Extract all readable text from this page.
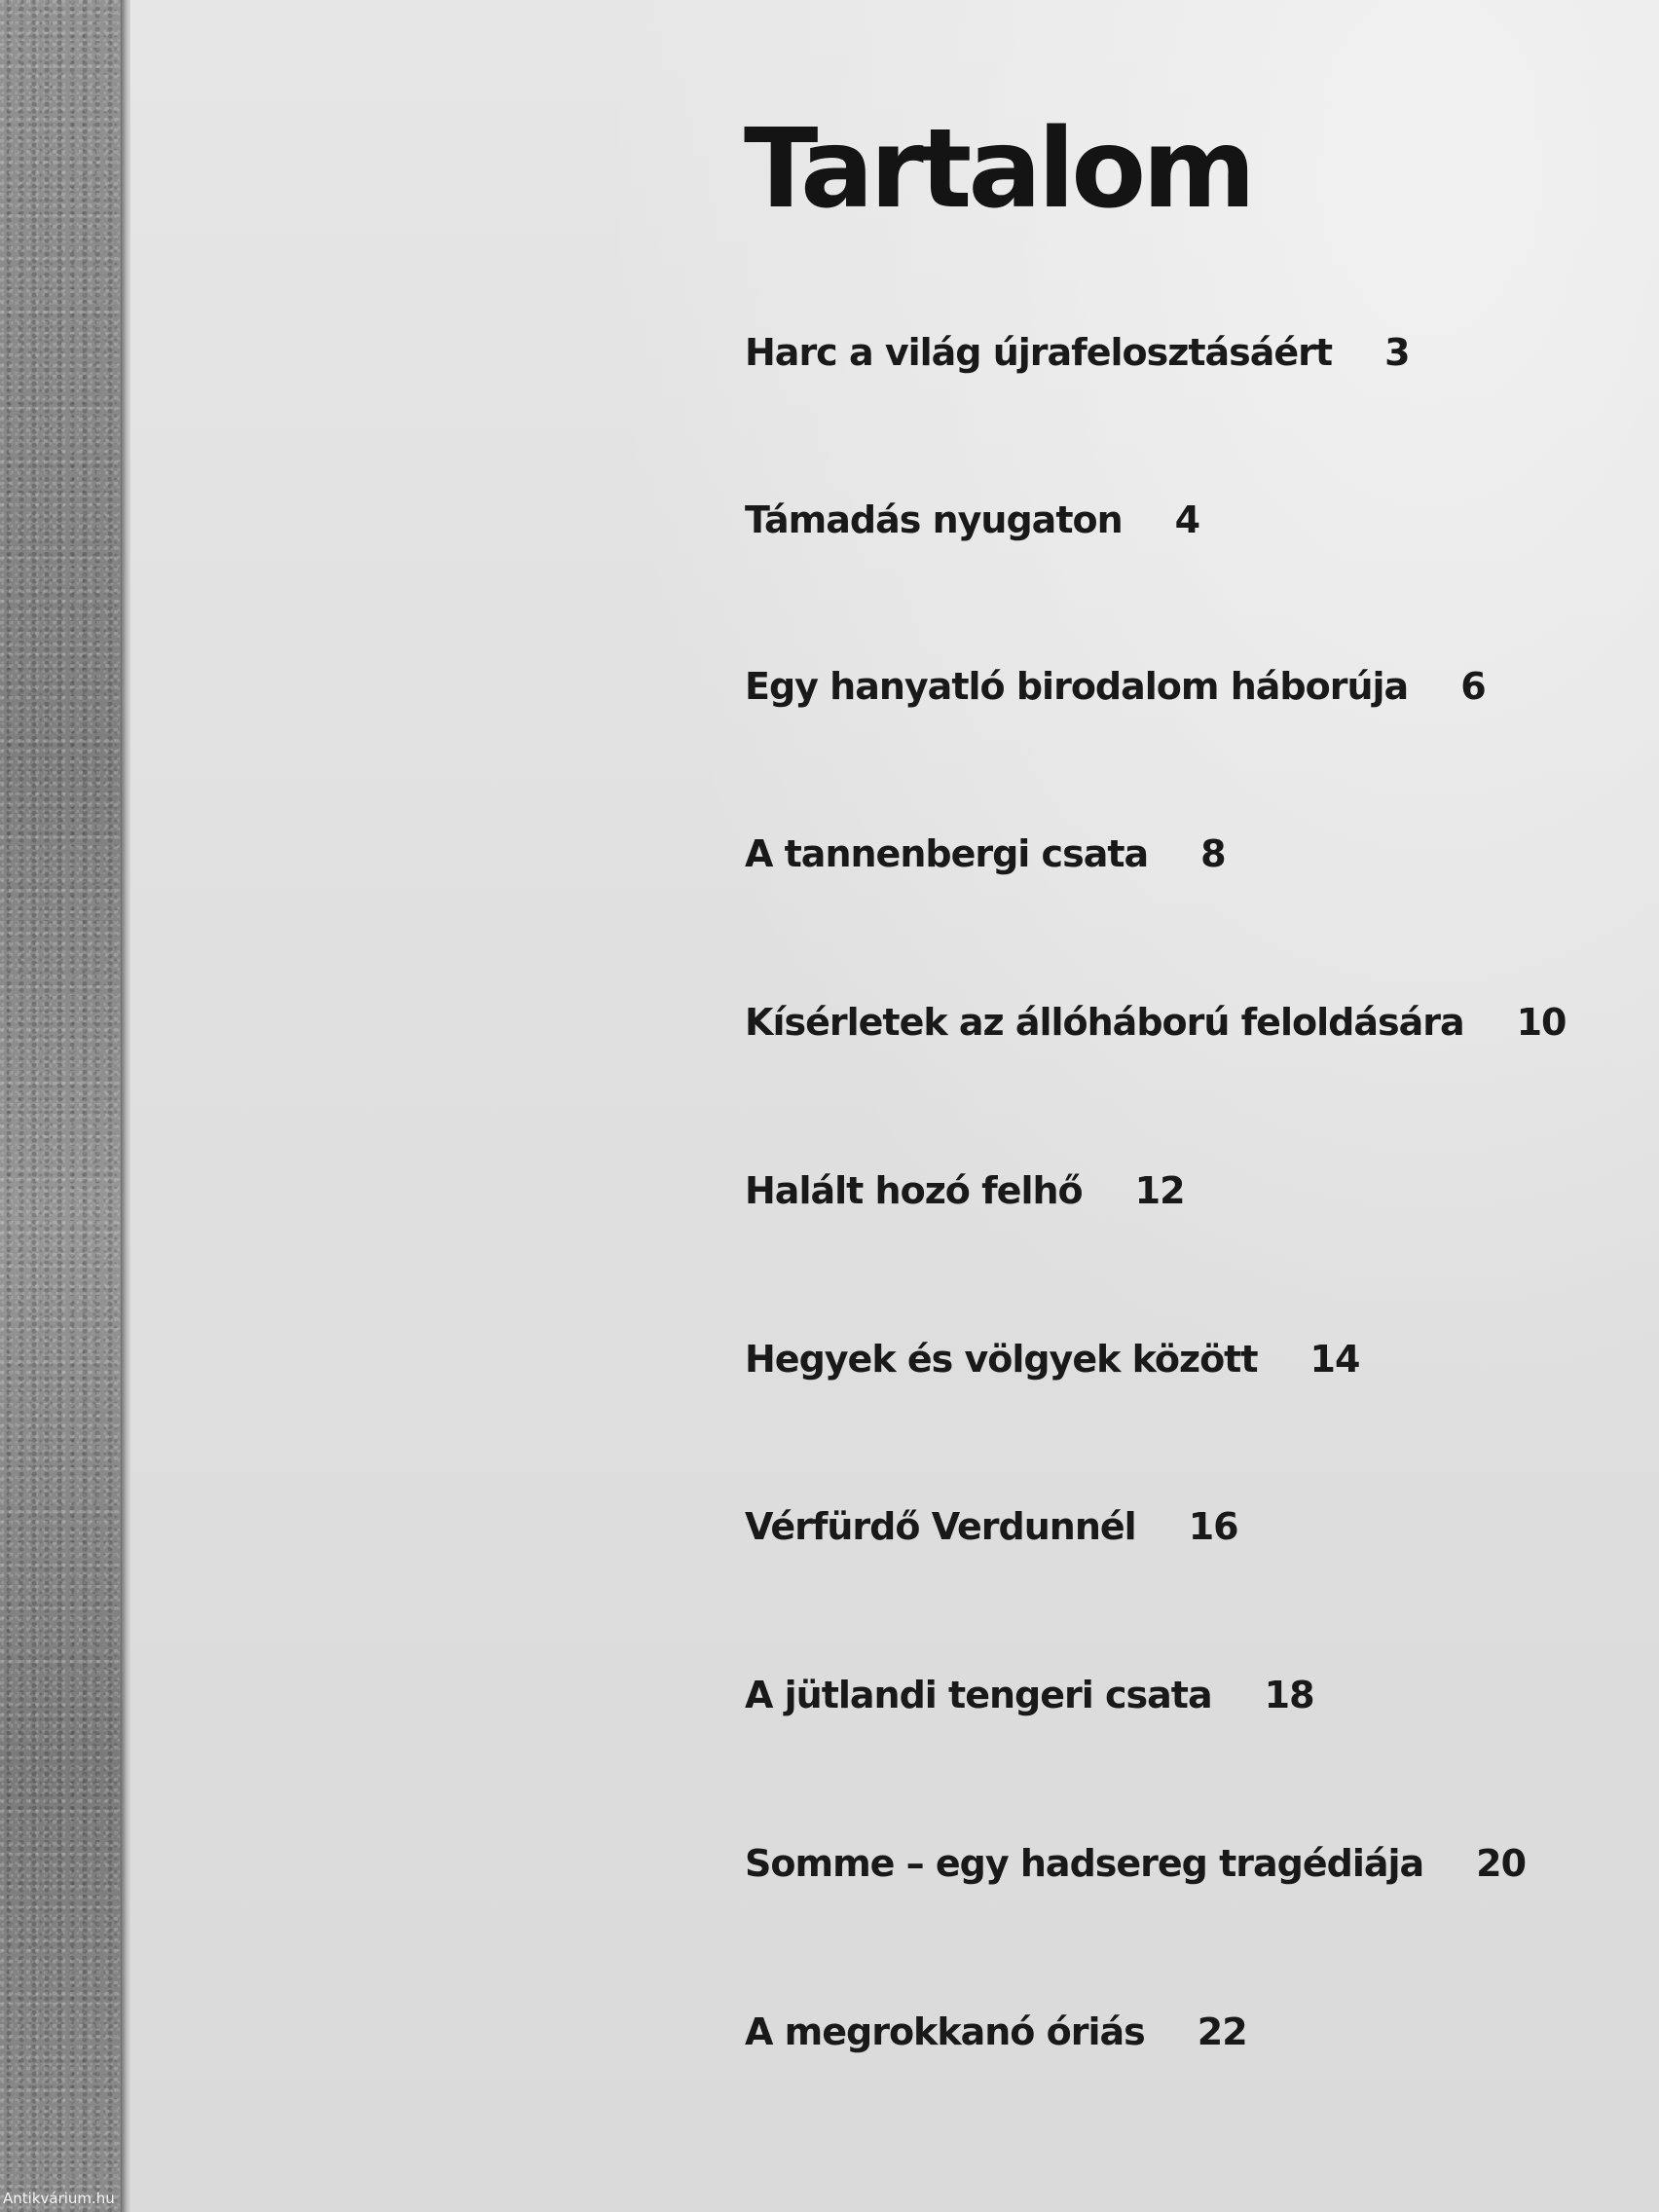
Tartalom
Harc a világ újrafelosztásáért 3
Támadás nyugaton 4
Egy hanyatló birodalom háborúja 6
A tannenbergi csata 8
Kísérletek az állóháború feloldására 10
Halált hozó felhő 12
Hegyek és völgyek között 14
Vérfürdő Verdunnél 16
A jütlandi tengeri csata 18
Somme – egy hadsereg tragédiája 20
A megrokkanó óriás 22
Antikvárium.hu
